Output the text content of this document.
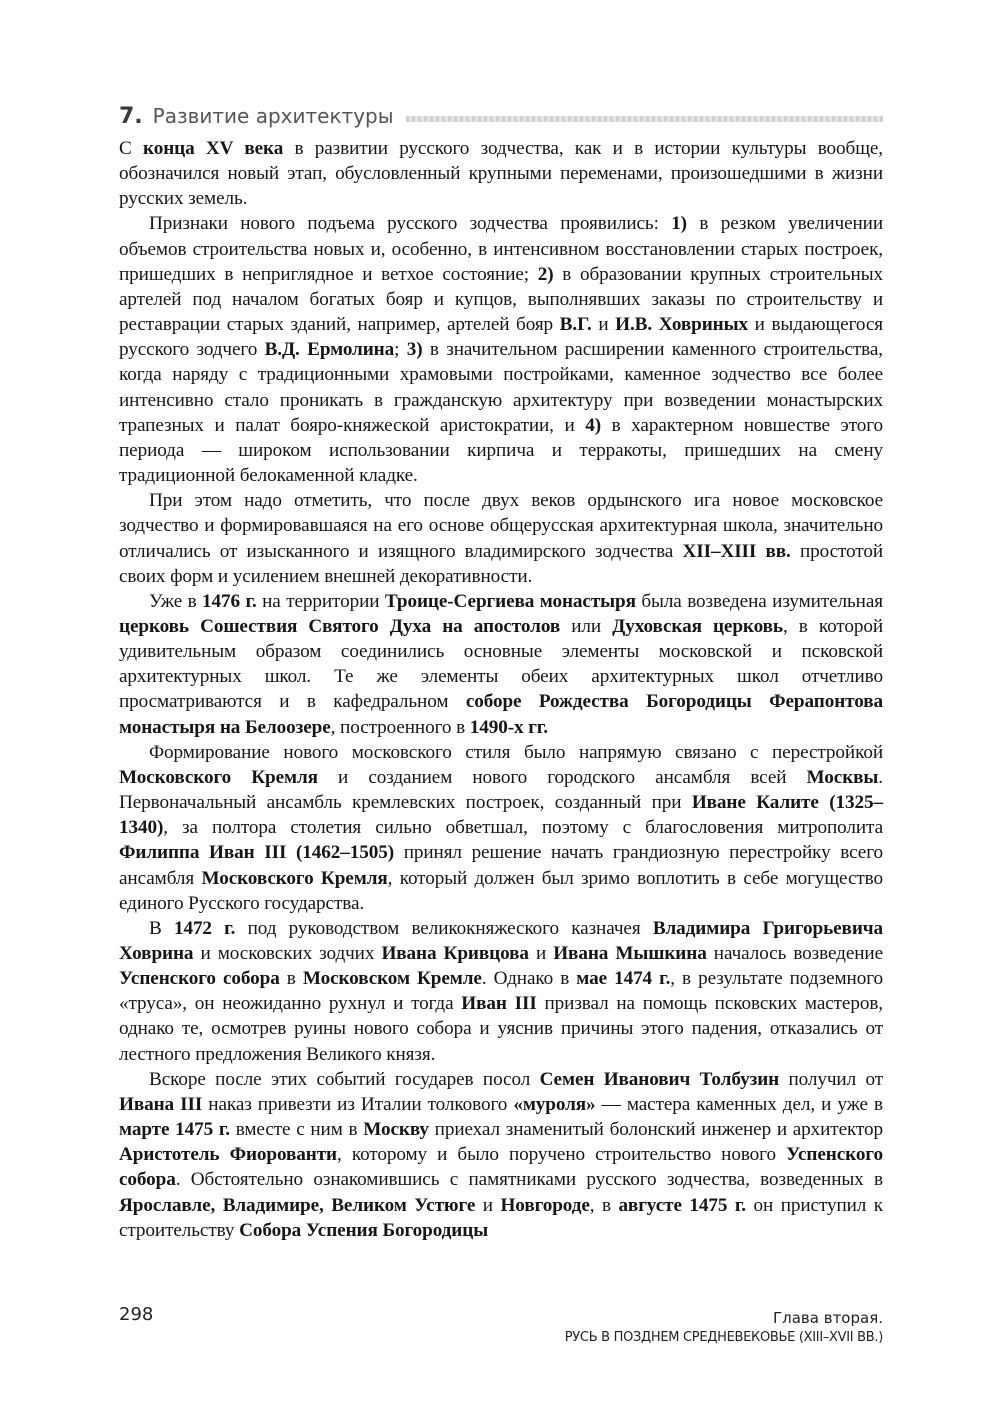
7. Развитие архитектуры

С конца XV века в развитии русского зодчества, как и в истории культуры вообще, обозначился новый этап, обусловленный крупными переменами, произошедшими в жизни русских земель.

Признаки нового подъема русского зодчества проявились: 1) в резком увеличении объемов строительства новых и, особенно, в интенсивном восстановлении старых построек, пришедших в неприглядное и ветхое состояние; 2) в образовании крупных строительных артелей под началом богатых бояр и купцов, выполнявших заказы по строительству и реставрации старых зданий, например, артелей бояр В.Г. и И.В. Ховриных и выдающегося русского зодчего В.Д. Ермолина; 3) в значительном расширении каменного строительства, когда наряду с традиционными храмовыми постройками, каменное зодчество все более интенсивно стало проникать в гражданскую архитектуру при возведении монастырских трапезных и палат бояро-княжеской аристократии, и 4) в характерном новшестве этого периода — широком использовании кирпича и терракоты, пришедших на смену традиционной белокаменной кладке.

При этом надо отметить, что после двух веков ордынского ига новое московское зодчество и формировавшаяся на его основе общерусская архитектурная школа, значительно отличались от изысканного и изящного владимирского зодчества XII–XIII вв. простотой своих форм и усилением внешней декоративности.

Уже в 1476 г. на территории Троице-Сергиева монастыря была возведена изумительная церковь Сошествия Святого Духа на апостолов или Духовская церковь, в которой удивительным образом соединились основные элементы московской и псковской архитектурных школ. Те же элементы обеих архитектурных школ отчетливо просматриваются и в кафедральном соборе Рождества Богородицы Ферапонтова монастыря на Белоозере, построенного в 1490-х гг.

Формирование нового московского стиля было напрямую связано с перестройкой Московского Кремля и созданием нового городского ансамбля всей Москвы. Первоначальный ансамбль кремлевских построек, созданный при Иване Калите (1325–1340), за полтора столетия сильно обветшал, поэтому с благословения митрополита Филиппа Иван III (1462–1505) принял решение начать грандиозную перестройку всего ансамбля Московского Кремля, который должен был зримо воплотить в себе могущество единого Русского государства.

В 1472 г. под руководством великокняжеского казначея Владимира Григорьевича Ховрина и московских зодчих Ивана Кривцова и Ивана Мышкина началось возведение Успенского собора в Московском Кремле. Однако в мае 1474 г., в результате подземного «труса», он неожиданно рухнул и тогда Иван III призвал на помощь псковских мастеров, однако те, осмотрев руины нового собора и уяснив причины этого падения, отказались от лестного предложения Великого князя.

Вскоре после этих событий государев посол Семен Иванович Толбузин получил от Ивана III наказ привезти из Италии толкового «муроля» — мастера каменных дел, и уже в марте 1475 г. вместе с ним в Москву приехал знаменитый болонский инженер и архитектор Аристотель Фиорованти, которому и было поручено строительство нового Успенского собора. Обстоятельно ознакомившись с памятниками русского зодчества, возведенных в Ярославле, Владимире, Великом Устюге и Новгороде, в августе 1475 г. он приступил к строительству Собора Успения Богородицы

298	Глава вторая.
РУСЬ В ПОЗДНЕМ СРЕДНЕВЕКОВЬЕ (XIII–XVII ВВ.)
